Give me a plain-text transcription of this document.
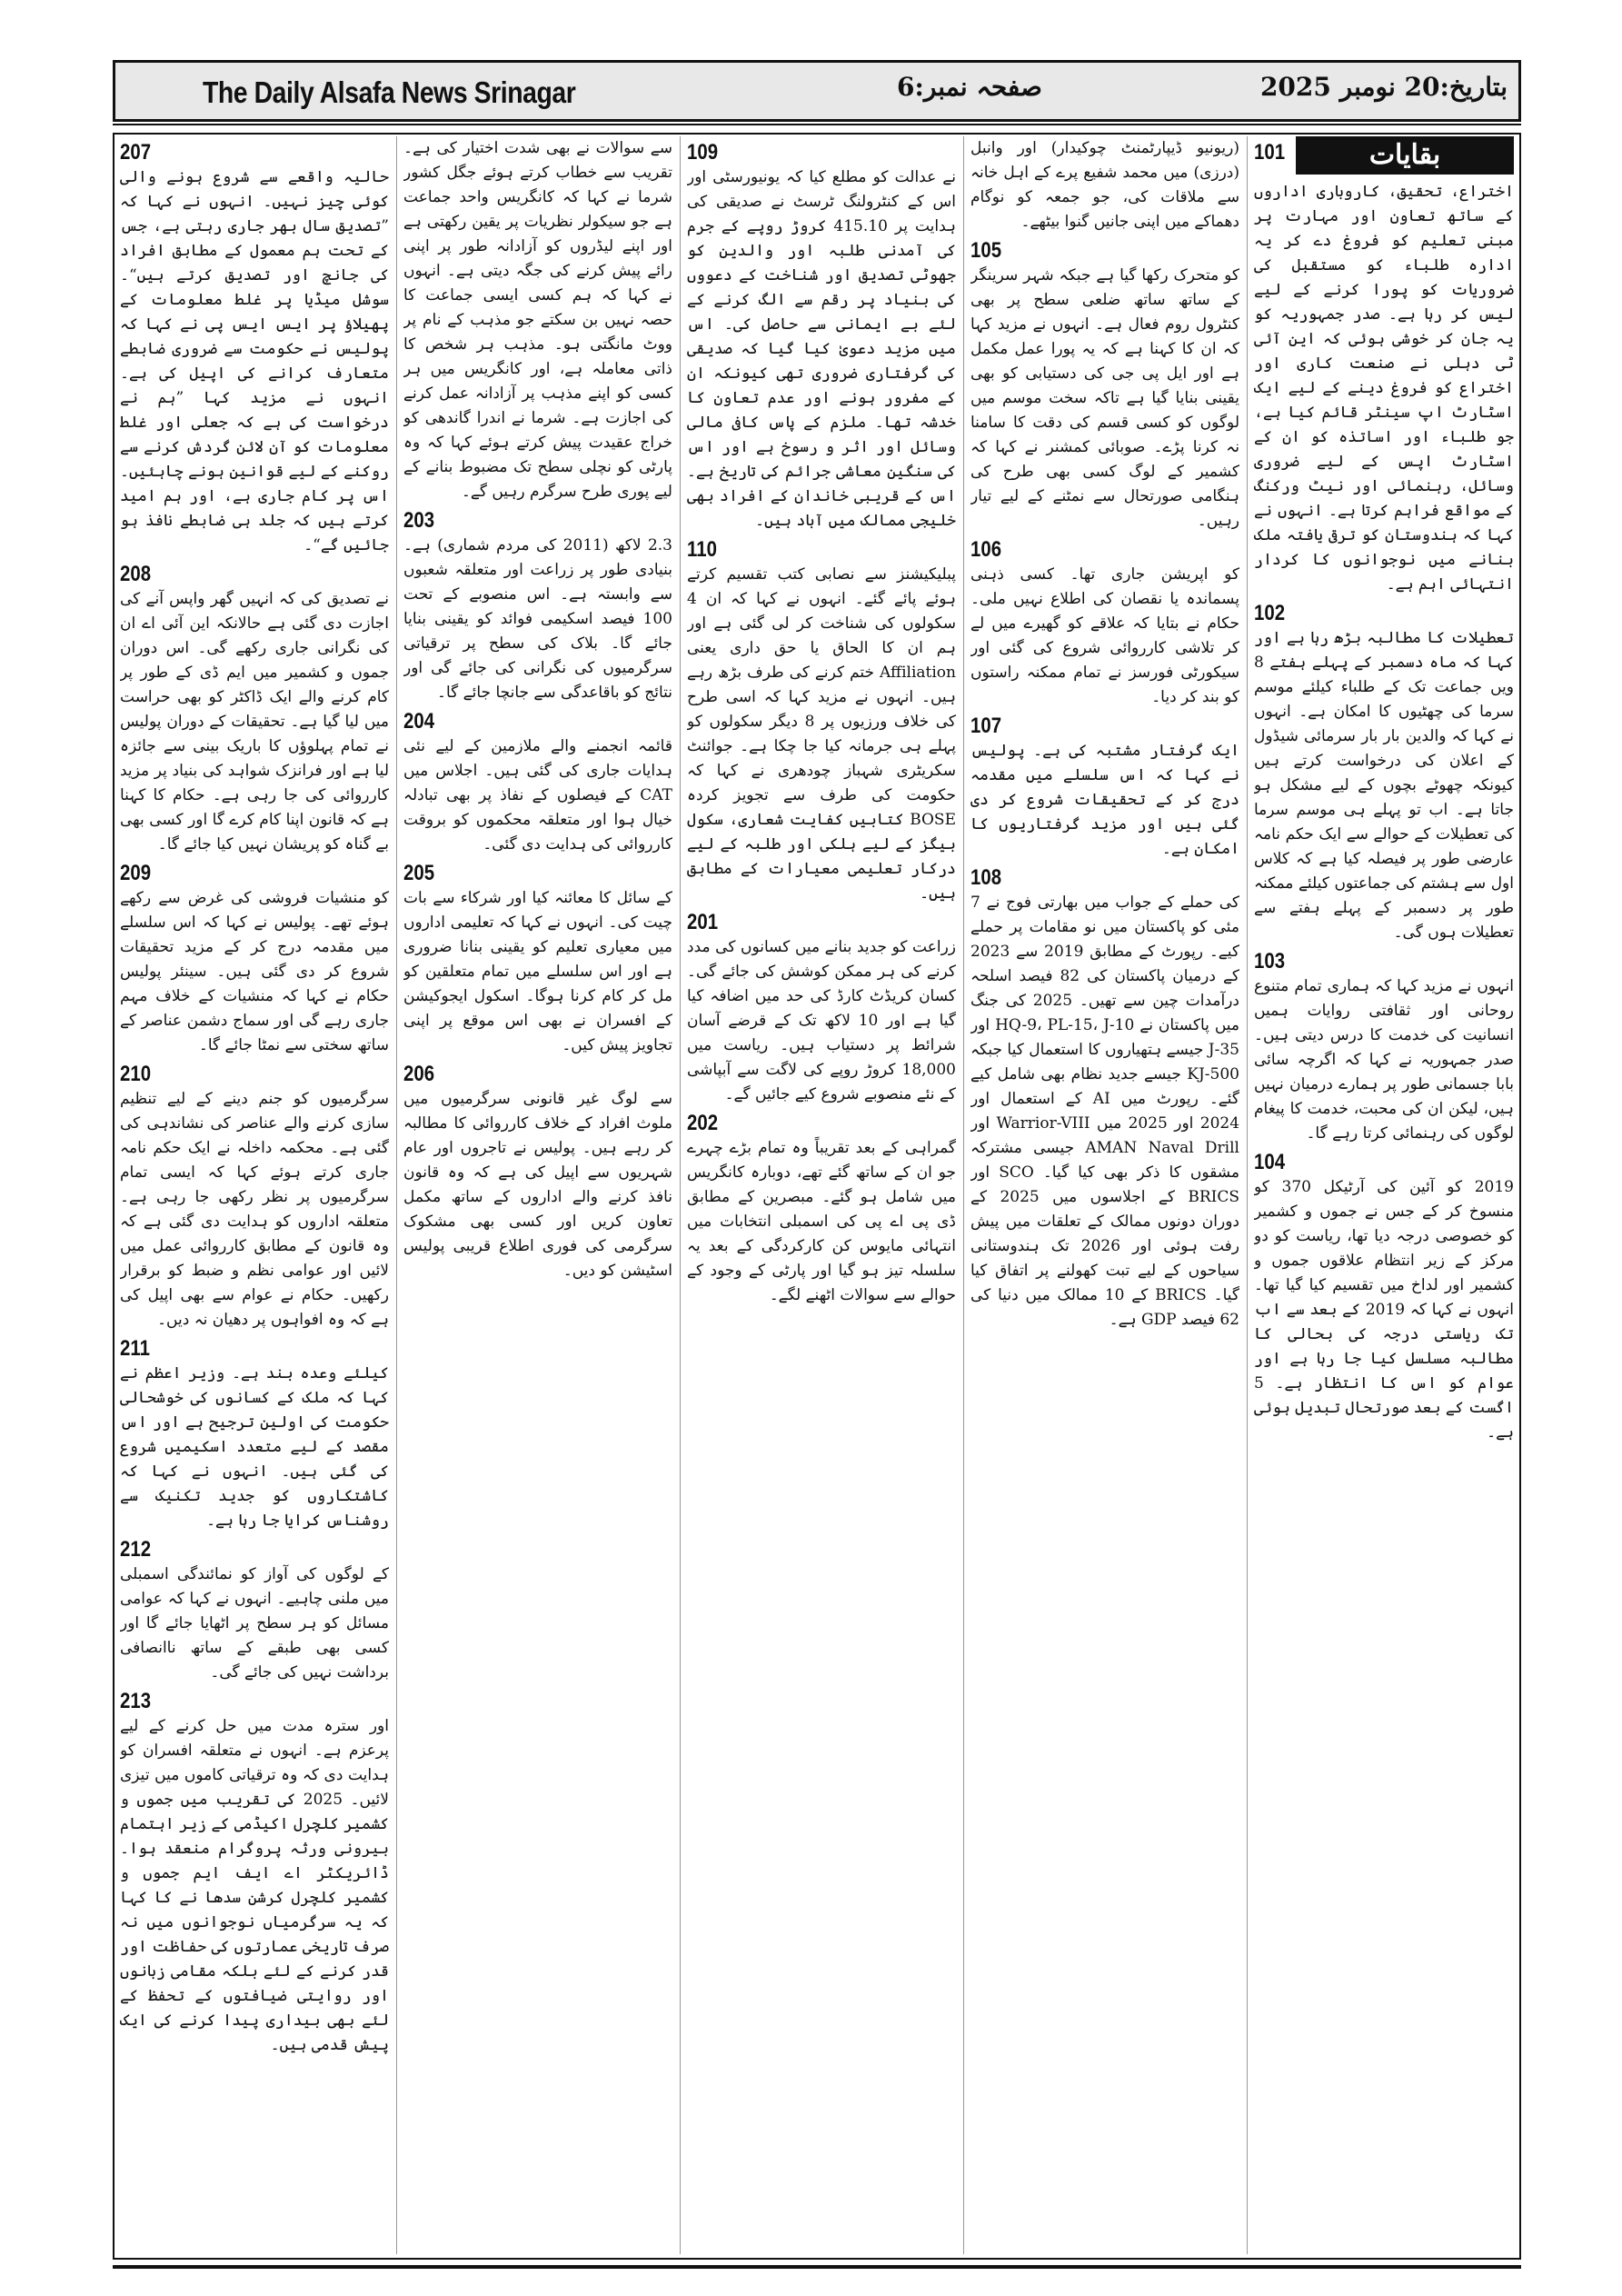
The Daily Alsafa News Srinagar	صفحہ نمبر:6	بتاریخ:20 نومبر 2025
207

حالیہ واقعے سے شروع ہونے والی کوئی چیز نہیں۔ انہوں نے کہا کہ ”تصدیق سال بھر جاری رہتی ہے، جس کے تحت ہم معمول کے مطابق افراد کی جانچ اور تصدیق کرتے ہیں“۔ سوشل میڈیا پر غلط معلومات کے پھیلاؤ پر ایس ایس پی نے کہا کہ پولیس نے حکومت سے ضروری ضابطے متعارف کرانے کی اپیل کی ہے۔ انہوں نے مزید کہا ”ہم نے درخواست کی ہے کہ جعلی اور غلط معلومات کو آن لائن گردش کرنے سے روکنے کے لیے قوانین ہونے چاہئیں۔ اس پر کام جاری ہے، اور ہم امید کرتے ہیں کہ جلد ہی ضابطے نافذ ہو جائیں گے“۔

208

نے تصدیق کی کہ انہیں گھر واپس آنے کی اجازت دی گئی ہے حالانکہ این آئی اے ان کی نگرانی جاری رکھے گی۔ اس دوران جموں و کشمیر میں ایم ڈی کے طور پر کام کرنے والے ایک ڈاکٹر کو بھی حراست میں لیا گیا ہے۔ تحقیقات کے دوران پولیس نے تمام پہلوؤں کا باریک بینی سے جائزہ لیا ہے اور فرانزک شواہد کی بنیاد پر مزید کارروائی کی جا رہی ہے۔ حکام کا کہنا ہے کہ قانون اپنا کام کرے گا اور کسی بھی بے گناہ کو پریشان نہیں کیا جائے گا۔

209

کو منشیات فروشی کی غرض سے رکھے ہوئے تھے۔ پولیس نے کہا کہ اس سلسلے میں مقدمہ درج کر کے مزید تحقیقات شروع کر دی گئی ہیں۔ سینئر پولیس حکام نے کہا کہ منشیات کے خلاف مہم جاری رہے گی اور سماج دشمن عناصر کے ساتھ سختی سے نمٹا جائے گا۔

210

سرگرمیوں کو جنم دینے کے لیے تنظیم سازی کرنے والے عناصر کی نشاندہی کی گئی ہے۔ محکمہ داخلہ نے ایک حکم نامہ جاری کرتے ہوئے کہا کہ ایسی تمام سرگرمیوں پر نظر رکھی جا رہی ہے۔ متعلقہ اداروں کو ہدایت دی گئی ہے کہ وہ قانون کے مطابق کارروائی عمل میں لائیں اور عوامی نظم و ضبط کو برقرار رکھیں۔ حکام نے عوام سے بھی اپیل کی ہے کہ وہ افواہوں پر دھیان نہ دیں۔

211

کیلئے وعدہ بند ہے۔ وزیر اعظم نے کہا کہ ملک کے کسانوں کی خوشحالی حکومت کی اولین ترجیح ہے اور اس مقصد کے لیے متعدد اسکیمیں شروع کی گئی ہیں۔ انہوں نے کہا کہ کاشتکاروں کو جدید تکنیک سے روشناس کرایا جا رہا ہے۔

212

کے لوگوں کی آواز کو نمائندگی اسمبلی میں ملنی چاہیے۔ انہوں نے کہا کہ عوامی مسائل کو ہر سطح پر اٹھایا جائے گا اور کسی بھی طبقے کے ساتھ ناانصافی برداشت نہیں کی جائے گی۔

213

اور سترہ مدت میں حل کرنے کے لیے پرعزم ہے۔ انہوں نے متعلقہ افسران کو ہدایت دی کہ وہ ترقیاتی کاموں میں تیزی لائیں۔ 2025 کی تقریب میں جموں و کشمیر کلچرل اکیڈمی کے زیر اہتمام بیرونی ورثہ پروگرام منعقد ہوا۔ ڈائریکٹر اے ایف ایم جموں و کشمیر کلچرل کرشن سدھا نے کا کہا کہ یہ سرگرمیاں نوجوانوں میں نہ صرف تاریخی عمارتوں کی حفاظت اور قدر کرنے کے لئے بلکہ مقامی زبانوں اور روایتی ضیافتوں کے تحفظ کے لئے بھی بیداری پیدا کرنے کی ایک پیش قدمی ہیں۔

سے سوالات نے بھی شدت اختیار کی ہے۔ تقریب سے خطاب کرتے ہوئے جگل کشور شرما نے کہا کہ کانگریس واحد جماعت ہے جو سیکولر نظریات پر یقین رکھتی ہے اور اپنے لیڈروں کو آزادانہ طور پر اپنی رائے پیش کرنے کی جگہ دیتی ہے۔ انہوں نے کہا کہ ہم کسی ایسی جماعت کا حصہ نہیں بن سکتے جو مذہب کے نام پر ووٹ مانگتی ہو۔ مذہب ہر شخص کا ذاتی معاملہ ہے، اور کانگریس میں ہر کسی کو اپنے مذہب پر آزادانہ عمل کرنے کی اجازت ہے۔ شرما نے اندرا گاندھی کو خراج عقیدت پیش کرتے ہوئے کہا کہ وہ پارٹی کو نچلی سطح تک مضبوط بنانے کے لیے پوری طرح سرگرم رہیں گے۔

203

2.3 لاکھ (2011 کی مردم شماری) ہے۔ بنیادی طور پر زراعت اور متعلقہ شعبوں سے وابستہ ہے۔ اس منصوبے کے تحت 100 فیصد اسکیمی فوائد کو یقینی بنایا جائے گا۔ بلاک کی سطح پر ترقیاتی سرگرمیوں کی نگرانی کی جائے گی اور نتائج کو باقاعدگی سے جانچا جائے گا۔

204

قائمہ انجمنے والے ملازمین کے لیے نئی ہدایات جاری کی گئی ہیں۔ اجلاس میں CAT کے فیصلوں کے نفاذ پر بھی تبادلہ خیال ہوا اور متعلقہ محکموں کو بروقت کارروائی کی ہدایت دی گئی۔

205

کے سائل کا معائنہ کیا اور شرکاء سے بات چیت کی۔ انہوں نے کہا کہ تعلیمی اداروں میں معیاری تعلیم کو یقینی بنانا ضروری ہے اور اس سلسلے میں تمام متعلقین کو مل کر کام کرنا ہوگا۔ اسکول ایجوکیشن کے افسران نے بھی اس موقع پر اپنی تجاویز پیش کیں۔

206

سے لوگ غیر قانونی سرگرمیوں میں ملوث افراد کے خلاف کارروائی کا مطالبہ کر رہے ہیں۔ پولیس نے تاجروں اور عام شہریوں سے اپیل کی ہے کہ وہ قانون نافذ کرنے والے اداروں کے ساتھ مکمل تعاون کریں اور کسی بھی مشکوک سرگرمی کی فوری اطلاع قریبی پولیس اسٹیشن کو دیں۔

109

نے عدالت کو مطلع کیا کہ یونیورسٹی اور اس کے کنٹرولنگ ٹرسٹ نے صدیقی کی ہدایت پر 415.10 کروڑ روپے کے جرم کی آمدنی طلبہ اور والدین کو جھوٹی تصدیق اور شناخت کے دعووں کی بنیاد پر رقم سے الگ کرنے کے لئے بے ایمانی سے حاصل کی۔ اس میں مزید دعویٰ کیا گیا کہ صدیقی کی گرفتاری ضروری تھی کیونکہ ان کے مفرور ہونے اور عدم تعاون کا خدشہ تھا۔ ملزم کے پاس کافی مالی وسائل اور اثر و رسوخ ہے اور اس کی سنگین معاشی جرائم کی تاریخ ہے۔ اس کے قریبی خاندان کے افراد بھی خلیجی ممالک میں آباد ہیں۔

110

پبلیکیشنز سے نصابی کتب تقسیم کرتے ہوئے پائے گئے۔ انہوں نے کہا کہ ان 4 سکولوں کی شناخت کر لی گئی ہے اور ہم ان کا الحاق یا حق داری یعنی Affiliation ختم کرنے کی طرف بڑھ رہے ہیں۔ انہوں نے مزید کہا کہ اسی طرح کی خلاف ورزیوں پر 8 دیگر سکولوں کو پہلے ہی جرمانہ کیا جا چکا ہے۔ جوائنٹ سکریٹری شہباز چودھری نے کہا کہ حکومت کی طرف سے تجویز کردہ BOSE کتابیں کفایت شعاری، سکول بیگز کے لیے ہلکی اور طلبہ کے لیے درکار تعلیمی معیارات کے مطابق ہیں۔

201

زراعت کو جدید بنانے میں کسانوں کی مدد کرنے کی ہر ممکن کوشش کی جائے گی۔ کسان کریڈٹ کارڈ کی حد میں اضافہ کیا گیا ہے اور 10 لاکھ تک کے قرضے آسان شرائط پر دستیاب ہیں۔ ریاست میں 18,000 کروڑ روپے کی لاگت سے آبپاشی کے نئے منصوبے شروع کیے جائیں گے۔

202

گمراہی کے بعد تقریباً وہ تمام بڑے چہرے جو ان کے ساتھ گئے تھے، دوبارہ کانگریس میں شامل ہو گئے۔ مبصرین کے مطابق ڈی پی اے پی کی اسمبلی انتخابات میں انتہائی مایوس کن کارکردگی کے بعد یہ سلسلہ تیز ہو گیا اور پارٹی کے وجود کے حوالے سے سوالات اٹھنے لگے۔

(ریونیو ڈیپارٹمنٹ چوکیدار) اور وانبل (درزی) میں محمد شفیع پرے کے اہل خانہ سے ملاقات کی، جو جمعہ کو نوگام دھماکے میں اپنی جانیں گنوا بیٹھے۔

105

کو متحرک رکھا گیا ہے جبکہ شہر سرینگر کے ساتھ ساتھ ضلعی سطح پر بھی کنٹرول روم فعال ہے۔ انہوں نے مزید کہا کہ ان کا کہنا ہے کہ یہ پورا عمل مکمل ہے اور ایل پی جی کی دستیابی کو بھی یقینی بنایا گیا ہے تاکہ سخت موسم میں لوگوں کو کسی قسم کی دقت کا سامنا نہ کرنا پڑے۔ صوبائی کمشنر نے کہا کہ کشمیر کے لوگ کسی بھی طرح کی ہنگامی صورتحال سے نمٹنے کے لیے تیار رہیں۔

106

کو اپریشن جاری تھا۔ کسی ذہنی پسماندہ یا نقصان کی اطلاع نہیں ملی۔ حکام نے بتایا کہ علاقے کو گھیرے میں لے کر تلاشی کارروائی شروع کی گئی اور سیکورٹی فورسز نے تمام ممکنہ راستوں کو بند کر دیا۔

107

ایک گرفتار مشتبہ کی ہے۔ پولیس نے کہا کہ اس سلسلے میں مقدمہ درج کر کے تحقیقات شروع کر دی گئی ہیں اور مزید گرفتاریوں کا امکان ہے۔

108

کی حملے کے جواب میں بھارتی فوج نے 7 مئی کو پاکستان میں نو مقامات پر حملے کیے۔ رپورٹ کے مطابق 2019 سے 2023 کے درمیان پاکستان کی 82 فیصد اسلحہ درآمدات چین سے تھیں۔ 2025 کی جنگ میں پاکستان نے HQ-9، PL-15، J-10 اور J-35 جیسے ہتھیاروں کا استعمال کیا جبکہ KJ-500 جیسے جدید نظام بھی شامل کیے گئے۔ رپورٹ میں AI کے استعمال اور 2024 اور 2025 میں Warrior-VIII اور AMAN Naval Drill جیسی مشترکہ مشقوں کا ذکر بھی کیا گیا۔ SCO اور BRICS کے اجلاسوں میں 2025 کے دوران دونوں ممالک کے تعلقات میں پیش رفت ہوئی اور 2026 تک ہندوستانی سیاحوں کے لیے تبت کھولنے پر اتفاق کیا گیا۔ BRICS کے 10 ممالک میں دنیا کی 62 فیصد GDP ہے۔

101	بقایات

اختراع، تحقیق، کاروباری اداروں کے ساتھ تعاون اور مہارت پر مبنی تعلیم کو فروغ دے کر یہ ادارہ طلباء کو مستقبل کی ضروریات کو پورا کرنے کے لیے لیس کر رہا ہے۔ صدر جمہوریہ کو یہ جان کر خوشی ہوئی کہ این آئی ٹی دہلی نے صنعت کاری اور اختراع کو فروغ دینے کے لیے ایک اسٹارٹ اپ سینٹر قائم کیا ہے، جو طلباء اور اساتذہ کو ان کے اسٹارٹ اپس کے لیے ضروری وسائل، رہنمائی اور نیٹ ورکنگ کے مواقع فراہم کرتا ہے۔ انہوں نے کہا کہ ہندوستان کو ترقی یافتہ ملک بنانے میں نوجوانوں کا کردار انتہائی اہم ہے۔

102

تعطیلات کا مطالبہ بڑھ رہا ہے اور کہا کہ ماہ دسمبر کے پہلے ہفتے 8 ویں جماعت تک کے طلباء کیلئے موسم سرما کی چھٹیوں کا امکان ہے۔ انہوں نے کہا کہ والدین بار بار سرمائی شیڈول کے اعلان کی درخواست کرتے ہیں کیونکہ چھوٹے بچوں کے لیے مشکل ہو جاتا ہے۔ اب تو پہلے ہی موسم سرما کی تعطیلات کے حوالے سے ایک حکم نامہ عارضی طور پر فیصلہ کیا ہے کہ کلاس اول سے ہشتم کی جماعتوں کیلئے ممکنہ طور پر دسمبر کے پہلے ہفتے سے تعطیلات ہوں گی۔

103

انہوں نے مزید کہا کہ ہماری تمام متنوع روحانی اور ثقافتی روایات ہمیں انسانیت کی خدمت کا درس دیتی ہیں۔ صدر جمہوریہ نے کہا کہ اگرچہ سائی بابا جسمانی طور پر ہمارے درمیان نہیں ہیں، لیکن ان کی محبت، خدمت کا پیغام لوگوں کی رہنمائی کرتا رہے گا۔

104

2019 کو آئین کی آرٹیکل 370 کو منسوخ کر کے جس نے جموں و کشمیر کو خصوصی درجہ دیا تھا، ریاست کو دو مرکز کے زیر انتظام علاقوں جموں و کشمیر اور لداخ میں تقسیم کیا گیا تھا۔ انہوں نے کہا کہ 2019 کے بعد سے اب تک ریاستی درجہ کی بحالی کا مطالبہ مسلسل کیا جا رہا ہے اور عوام کو اس کا انتظار ہے۔ 5 اگست کے بعد صورتحال تبدیل ہوئی ہے۔
